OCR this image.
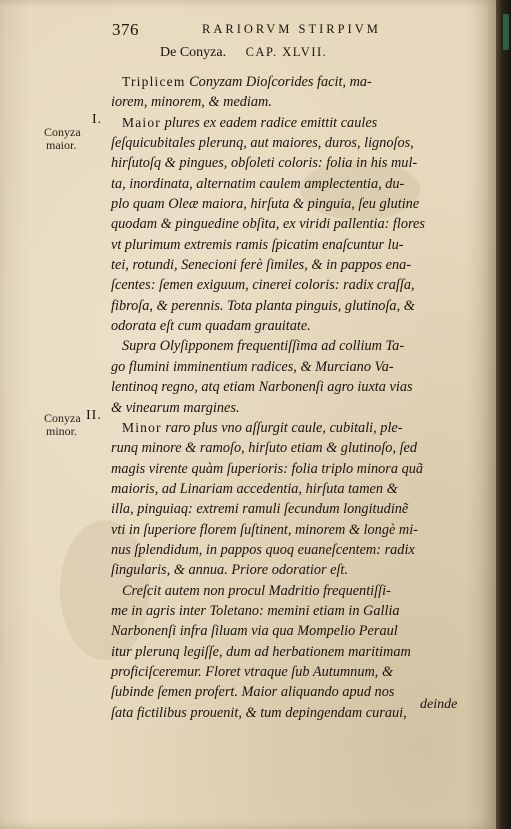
376	RARIORVM STIRPIVM
De Conyza. CAP. XLVII.
Conyza
maior.
Conyza
minor.
I.
II.
Triplicem Conyzam Dioſcorides facit, ma-
iorem, minorem, & mediam.
Maior plures ex eadem radice emittit caules
ſeſquicubitales plerunq, aut maiores, duros, lignoſos,
hirſutoſq & pingues, obſoleti coloris: folia in his mul-
ta, inordinata, alternatim caulem amplectentia, du-
plo quam Oleæ maiora, hirſuta & pinguia, ſeu glutine
quodam & pinguedine obſita, ex viridi pallentia: flores
vt plurimum extremis ramis ſpicatim enaſcuntur lu-
tei, rotundi, Senecioni ferè ſimiles, & in pappos ena-
ſcentes: ſemen exiguum, cinerei coloris: radix craſſa,
fibroſa, & perennis. Tota planta pinguis, glutinoſa, &
odorata eſt cum quadam grauitate.
Supra Olyſipponem frequentiſſima ad collium Ta-
go flumini imminentium radices, & Murciano Va-
lentinoq regno, atq etiam Narbonenſi agro iuxta vias
& vinearum margines.
Minor raro plus vno aſſurgit caule, cubitali, ple-
runq minore & ramoſo, hirſuto etiam & glutinoſo, ſed
magis virente quàm ſuperioris: folia triplo minora quã
maioris, ad Linariam accedentia, hirſuta tamen &
illa, pinguiaq: extremi ramuli ſecundum longitudinẽ
vti in ſuperiore florem ſuſtinent, minorem & longè mi-
nus ſplendidum, in pappos quoq euaneſcentem: radix
ſingularis, & annua. Priore odoratior eſt.
Creſcit autem non procul Madritio frequentiſſi-
me in agris inter Toletano: memini etiam in Gallia
Narbonenſi infra ſiluam via qua Mompelio Peraul
itur plerunq legiſſe, dum ad herbationem maritimam
proficiſceremur. Floret vtraque ſub Autumnum, &
ſubinde ſemen profert. Maior aliquando apud nos
ſata fictilibus prouenit, & tum depingendam curaui,
deinde
